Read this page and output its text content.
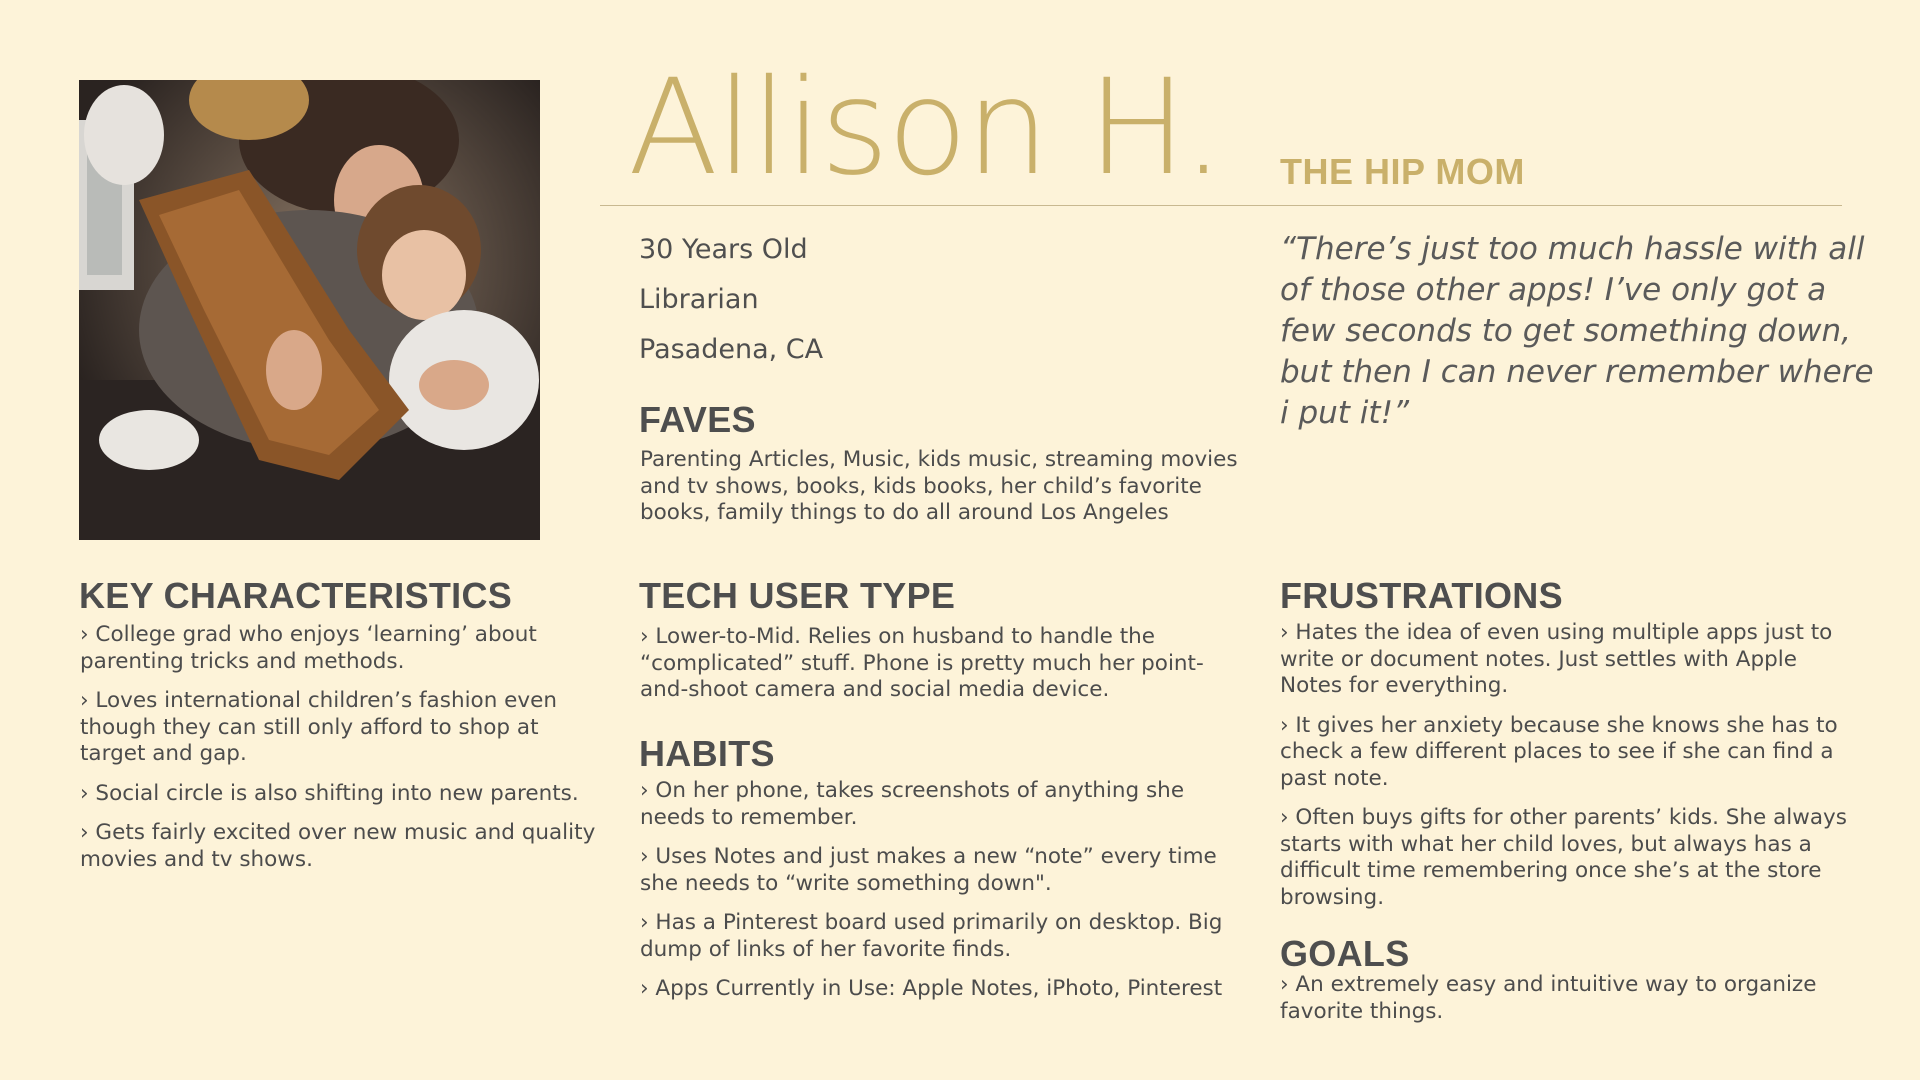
Allison H. THE HIP MOM
30 Years Old
Librarian
Pasadena, CA
“There’s just too much hassle with all of those other apps! I’ve only got a few seconds to get something down, but then I can never remember where i put it!”
FAVES
Parenting Articles, Music, kids music, streaming movies and tv shows, books, kids books, her child’s favorite books, family things to do all around Los Angeles
KEY CHARACTERISTICS
› College grad who enjoys ‘learning’ about parenting tricks and methods.
› Loves international children’s fashion even though they can still only afford to shop at target and gap.
› Social circle is also shifting into new parents.
› Gets fairly excited over new music and quality movies and tv shows.
TECH USER TYPE
› Lower-to-Mid. Relies on husband to handle the “complicated” stuff. Phone is pretty much her point-and-shoot camera and social media device.
HABITS
› On her phone, takes screenshots of anything she needs to remember.
› Uses Notes and just makes a new “note” every time she needs to “write something down".
› Has a Pinterest board used primarily on desktop. Big dump of links of her favorite finds.
› Apps Currently in Use: Apple Notes, iPhoto, Pinterest
FRUSTRATIONS
› Hates the idea of even using multiple apps just to write or document notes. Just settles with Apple Notes for everything.
› It gives her anxiety because she knows she has to check a few different places to see if she can find a past note.
› Often buys gifts for other parents’ kids. She always starts with what her child loves, but always has a difficult time remembering once she’s at the store browsing.
GOALS
› An extremely easy and intuitive way to organize favorite things.
